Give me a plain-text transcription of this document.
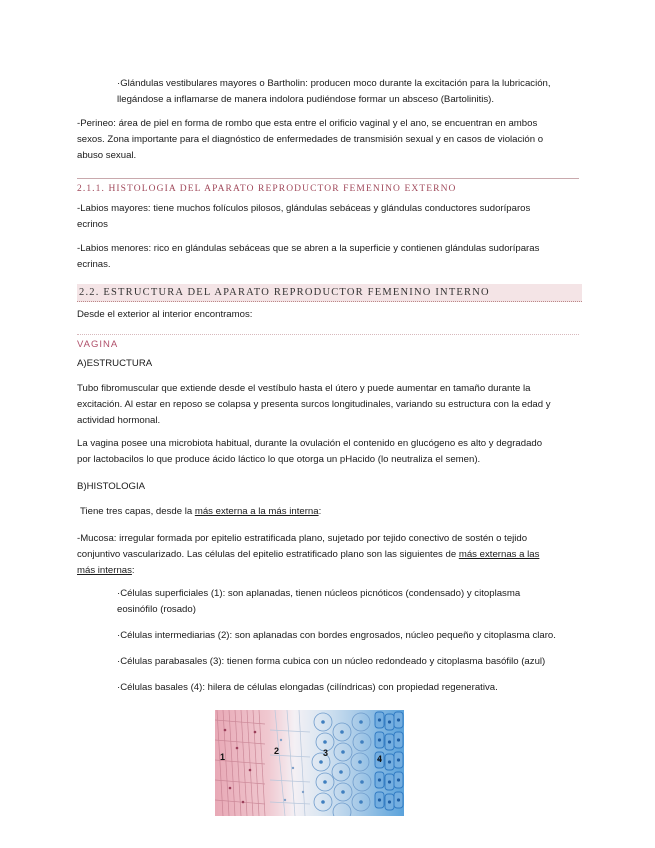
·Glándulas vestibulares mayores o Bartholin: producen moco durante la excitación para la lubricación,
llegándose a inflamarse de manera indolora pudiéndose formar un absceso (Bartolinitis).

-Perineo: área de piel en forma de rombo que esta entre el orificio vaginal y el ano, se encuentran en ambos
sexos. Zona importante para el diagnóstico de enfermedades de transmisión sexual y en casos de violación o
abuso sexual.

2.1.1. HISTOLOGIA DEL APARATO REPRODUCTOR FEMENINO EXTERNO

-Labios mayores: tiene muchos folículos pilosos, glándulas sebáceas y glándulas conductores sudoríparos
ecrinos

-Labios menores: rico en glándulas sebáceas que se abren a la superficie y contienen glándulas sudoríparas
ecrinas.

2.2. ESTRUCTURA DEL APARATO REPRODUCTOR FEMENINO INTERNO

Desde el exterior al interior encontramos:

VAGINA

A)ESTRUCTURA

Tubo fibromuscular que extiende desde el vestíbulo hasta el útero y puede aumentar en tamaño durante la
excitación. Al estar en reposo se colapsa y presenta surcos longitudinales, variando su estructura con la edad y
actividad hormonal.

La vagina posee una microbiota habitual, durante la ovulación el contenido en glucógeno es alto y degradado
por lactobacilos lo que produce ácido láctico lo que otorga un pHacido (lo neutraliza el semen).

B)HISTOLOGIA

Tiene tres capas, desde la más externa a la más interna:

-Mucosa: irregular formada por epitelio estratificada plano, sujetado por tejido conectivo de sostén o tejido
conjuntivo vascularizado. Las células del epitelio estratificado plano son las siguientes de más externas a las
más internas:

·Células superficiales (1): son aplanadas, tienen núcleos picnóticos (condensado) y citoplasma
eosinófilo (rosado)

·Células intermediarias (2): son aplanadas con bordes engrosados, núcleo pequeño y citoplasma claro.

·Células parabasales (3): tienen forma cubica con un núcleo redondeado y citoplasma basófilo (azul)

·Células basales (4): hilera de células elongadas (cilíndricas) con propiedad regenerativa.

1
2	3
4
